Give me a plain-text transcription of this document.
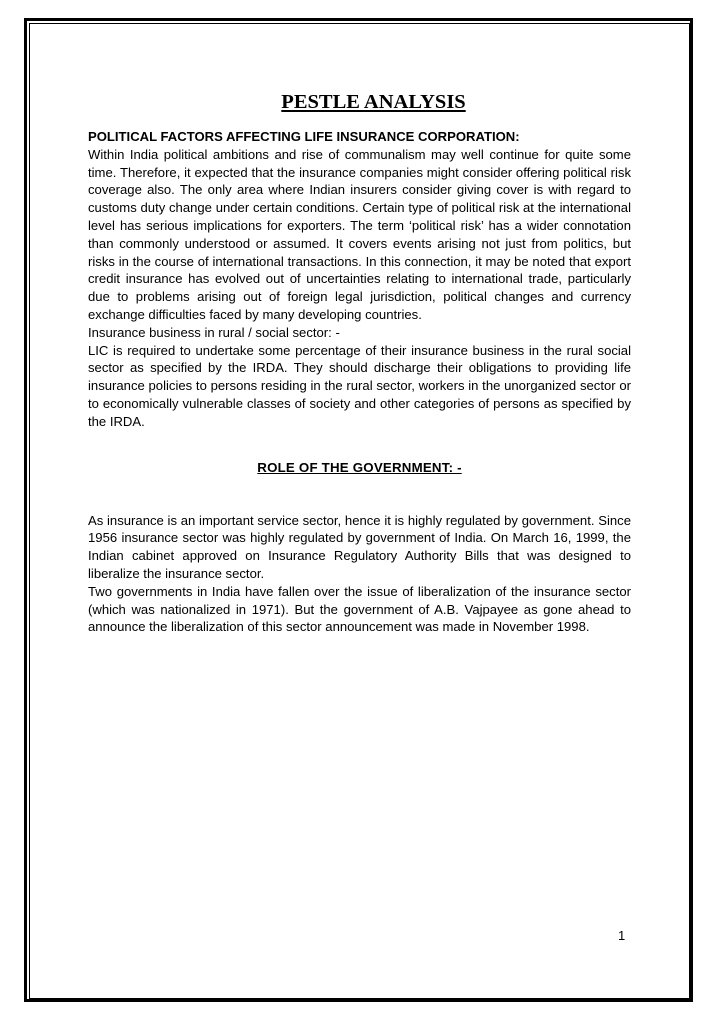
PESTLE ANALYSIS
POLITICAL FACTORS AFFECTING LIFE INSURANCE CORPORATION:

Within India political ambitions and rise of communalism may well continue for quite some time. Therefore, it expected that the insurance companies might consider offering political risk coverage also. The only area where Indian insurers consider giving cover is with regard to customs duty change under certain conditions. Certain type of political risk at the international level has serious implications for exporters. The term ‘political risk’ has a wider connotation than commonly understood or assumed. It covers events arising not just from politics, but risks in the course of international transactions. In this connection, it may be noted that export credit insurance has evolved out of uncertainties relating to international trade, particularly due to problems arising out of foreign legal jurisdiction, political changes and currency exchange difficulties faced by many developing countries.

Insurance business in rural / social sector: -

LIC is required to undertake some percentage of their insurance business in the rural social sector as specified by the IRDA. They should discharge their obligations to providing life insurance policies to persons residing in the rural sector, workers in the unorganized sector or to economically vulnerable classes of society and other categories of persons as specified by the IRDA.

ROLE OF THE GOVERNMENT: -

As insurance is an important service sector, hence it is highly regulated by government. Since 1956 insurance sector was highly regulated by government of India. On March 16, 1999, the Indian cabinet approved on Insurance Regulatory Authority Bills that was designed to liberalize the insurance sector.

Two governments in India have fallen over the issue of liberalization of the insurance sector (which was nationalized in 1971). But the government of A.B. Vajpayee as gone ahead to announce the liberalization of this sector announcement was made in November 1998.

1
